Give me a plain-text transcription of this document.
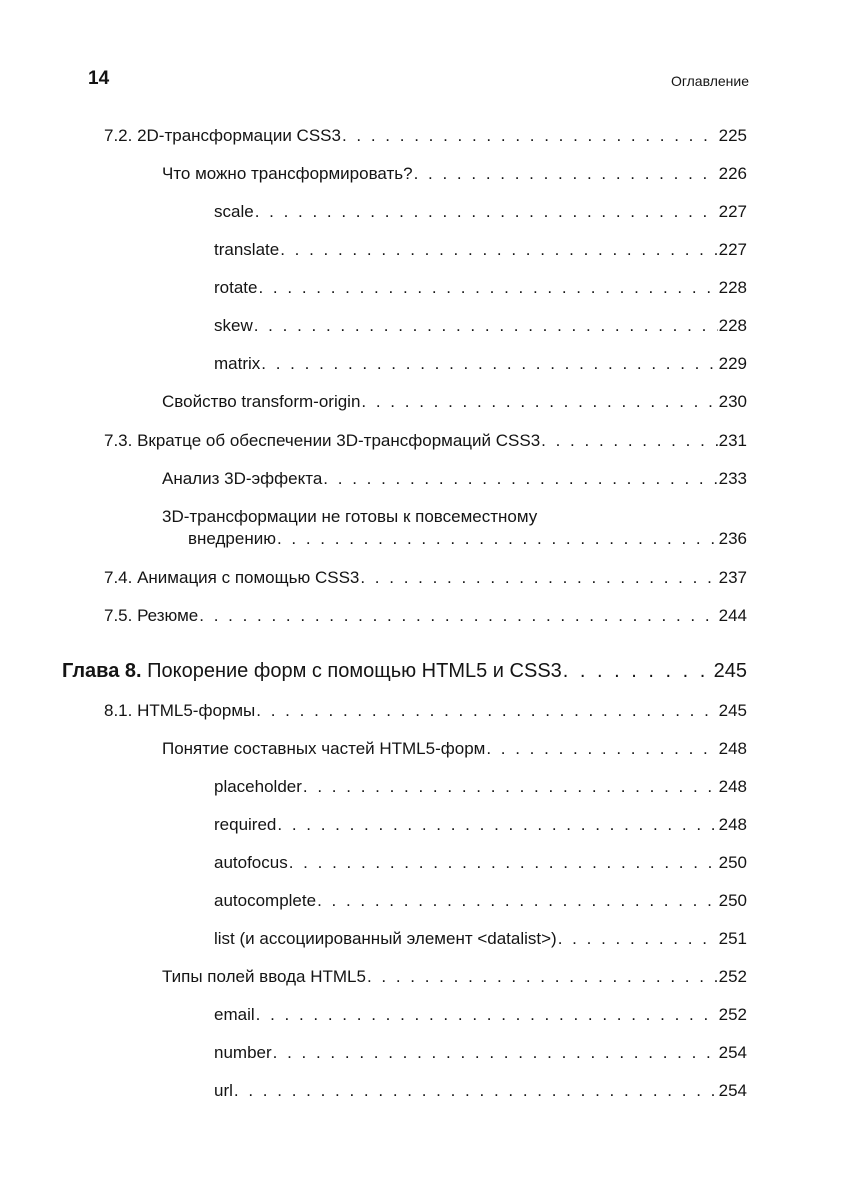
14	Оглавление
7.2. 2D-трансформации CSS3 . . .	225
Что можно трансформировать? . . .	226
scale . . .	227
translate . . .	227
rotate . . .	228
skew . . .	228
matrix . . .	229
Свойство transform-origin . . .	230
7.3. Вкратце об обеспечении 3D-трансформаций CSS3 . . .	231
Анализ 3D-эффекта . . .	233
3D-трансформации не готовы к повсеместному
внедрению . . .	236
7.4. Анимация с помощью CSS3 . . .	237
7.5. Резюме . . .	244
Глава 8. Покорение форм с помощью HTML5 и CSS3 . . .	245
8.1. HTML5-формы . . .	245
Понятие составных частей HTML5-форм . . .	248
placeholder . . .	248
required . . .	248
autofocus . . .	250
autocomplete . . .	250
list (и ассоциированный элемент <datalist>) . . .	251
Типы полей ввода HTML5 . . .	252
email . . .	252
number . . .	254
url . . .	254
